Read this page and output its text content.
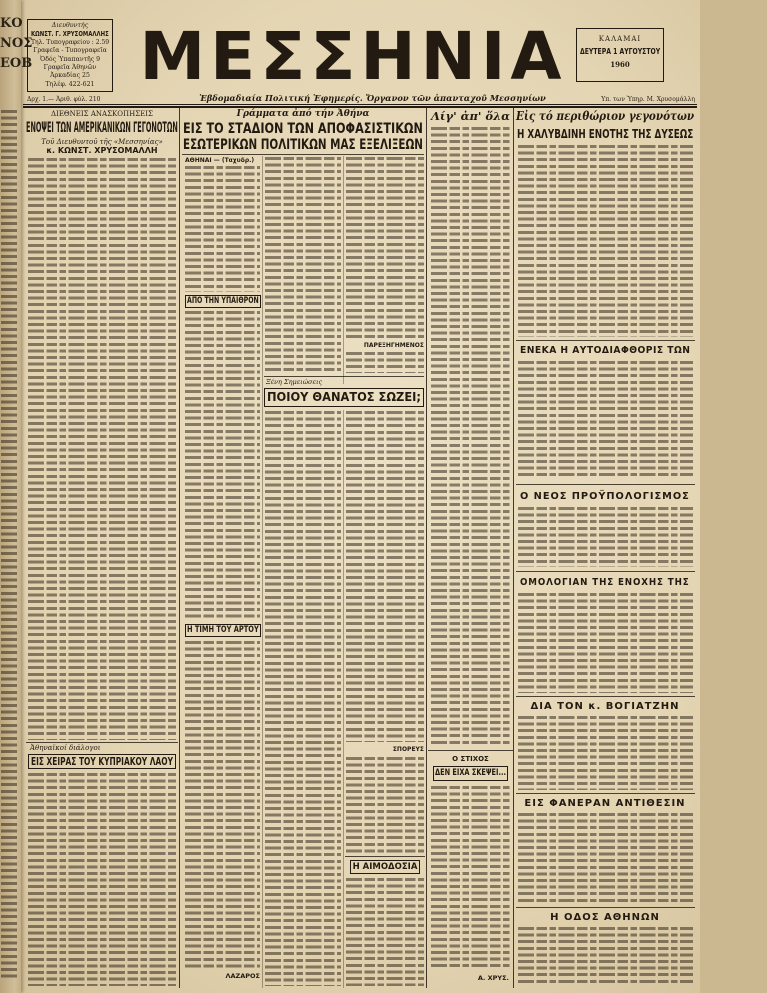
ΚΟ
ΝΟΣ
ΕΟΒ
Διευθυντής
ΚΩΝΣΤ. Γ. ΧΡΥΣΟΜΑΛΛΗΣ
Τηλ. Τυπογραφείου : 2.59
Γραφεῖα - Τυπογραφεῖα
Ὁδός Ὑπαπαντῆς 9
Γραφεῖα Ἀθηνῶν
Ἀρκαδίας 25
Τηλέφ. 422-621 ΜΕΣΣΗΝΙΑ	ΚΑΛΑΜΑΙ
ΔΕΥΤΕΡΑ 1 ΑΥΓΟΥΣΤΟΥ
1960
Ἑβδομαδιαία Πολιτική Ἐφημερίς. Ὄργανον τῶν ἁπανταχοῦ Μεσσηνίων
Δρχ. 1.— Ἀριθ. φύλ. 210	Υπ. των Ὑπηρ. Μ. Χρυσομάλλη
ΔΙΕΘΝΕΙΣ ΑΝΑΣΚΟΠΗΣΕΙΣ
ΕΝΟΨΕΙ ΤΩΝ ΑΜΕΡΙΚΑΝΙΚΩΝ ΓΕΓΟΝΟΤΩΝ
Τοῦ Διευθυντοῦ τῆς «Μεσσηνίας»
κ. ΚΩΝΣΤ. ΧΡΥΣΟΜΑΛΛΗ
Ἀθηναϊκοί διάλογοι
ΕΙΣ ΧΕΙΡΑΣ ΤΟΥ ΚΥΠΡΙΑΚΟΥ ΛΑΟΥ
Γράμματα ἀπό τήν Ἀθήνα
ΕΙΣ ΤΟ ΣΤΑΔΙΟΝ ΤΩΝ ΑΠΟΦΑΣΙΣΤΙΚΩΝ
ΕΣΩΤΕΡΙΚΩΝ ΠΟΛΙΤΙΚΩΝ ΜΑΣ ΕΞΕΛΙΞΕΩΝ
ΑΘΗΝΑΙ — (Ταχυδρ.)
ΑΠΟ ΤΗΝ ΥΠΑΙΘΡΟΝ
Η ΤΙΜΗ ΤΟΥ ΑΡΤΟΥ
ΛΑΖΑΡΟΣ
ΠΑΡΕΞΗΓΗΜΕΝΟΣ
Ξένη Σημειώσεις
ΠΟΙΟΥ ΘΑΝΑΤΟΣ ΣΩΖΕΙ;
ΣΠΟΡΕΥΣ
Η ΑΙΜΟΔΟΣΙΑ
Λίγ' ἀπ' ὅλα
Ο ΣΤΙΧΟΣ
ΔΕΝ ΕΙΧΑ ΣΚΕΨΕΙ...
Α. ΧΡΥΣ.
Εἰς τό περιθώριον γεγονότων
Η ΧΑΛΥΒΔΙΝΗ ΕΝΟΤΗΣ ΤΗΣ ΔΥΣΕΩΣ
ΕΝΕΚΑ Η ΑΥΤΟΔΙΑΦΘΟΡΙΣ ΤΩΝ
Ο ΝΕΟΣ ΠΡΟΫΠΟΛΟΓΙΣΜΟΣ
ΟΜΟΛΟΓΙΑΝ ΤΗΣ ΕΝΟΧΗΣ ΤΗΣ
ΔΙΑ ΤΟΝ κ. ΒΟΓΙΑΤΖΗΝ
ΕΙΣ ΦΑΝΕΡΑΝ ΑΝΤΙΘΕΣΙΝ
Η ΟΔΟΣ ΑΘΗΝΩΝ
